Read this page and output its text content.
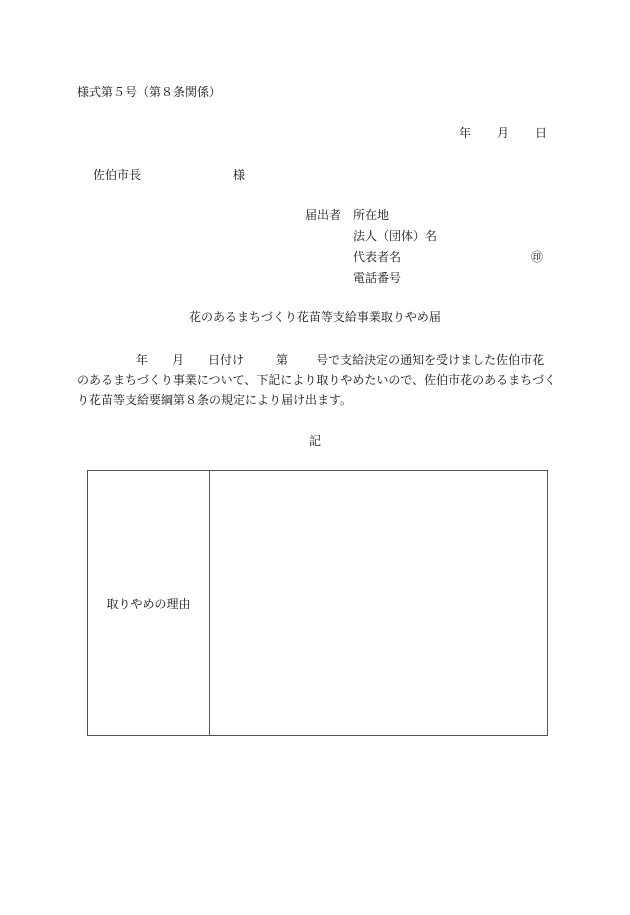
様式第５号（第８条関係）
年 月 日
佐伯市長	様
届出者 所在地
法人（団体）名
代表者名
電話番号
㊞
花のあるまちづくり花苗等支給事業取りやめ届
年 月 日付け	第 号で支給決定の通知を受けました佐伯市花
のあるまちづくり事業について、下記により取りやめたいので、佐伯市花のあるまちづく
り花苗等支給要綱第８条の規定により届け出ます。
記
取りやめの理由
